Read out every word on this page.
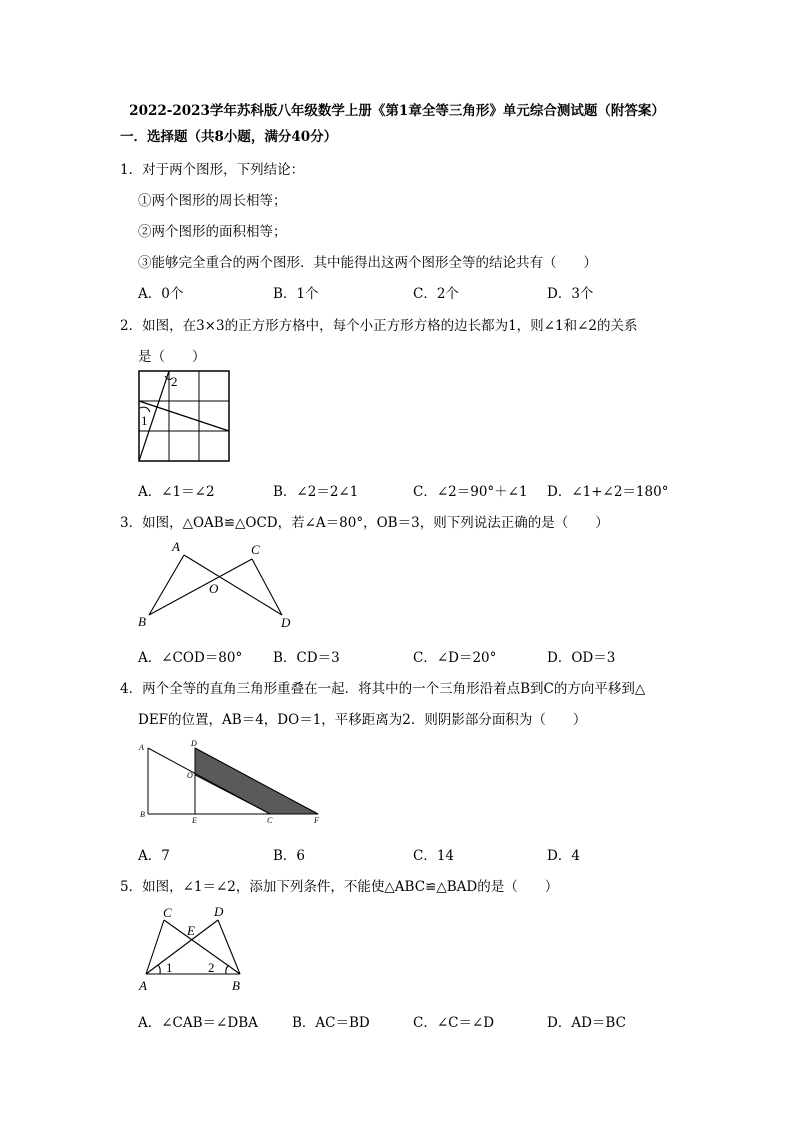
2022-2023学年苏科版八年级数学上册《第1章全等三角形》单元综合测试题（附答案）
一．选择题（共8小题，满分40分）
1．对于两个图形，下列结论：
①两个图形的周长相等；
②两个图形的面积相等；
③能够完全重合的两个图形．其中能得出这两个图形全等的结论共有（　　）
A．0个	B．1个	C．2个	D．3个
2．如图，在3×3的正方形方格中，每个小正方形方格的边长都为1，则∠1和∠2的关系
是（　　）
1
2
A．∠1＝∠2	B．∠2＝2∠1	C．∠2＝90°＋∠1 D．∠1+∠2＝180°
3．如图，△OAB≌△OCD，若∠A＝80°，OB＝3，则下列说法正确的是（　　）
A	C
O
B	D
A．∠COD＝80° B．CD＝3	C．∠D＝20°	D．OD＝3
4．两个全等的直角三角形重叠在一起．将其中的一个三角形沿着点B到C的方向平移到△
DEF的位置，AB＝4，DO＝1，平移距离为2．则阴影部分面积为（　　）
A	D
O
B
E	C	F
A．7	B．6	C．14	D．4
5．如图，∠1＝∠2，添加下列条件，不能使△ABC≌△BAD的是（　　）
C	D
E
A	B
1	2
A．∠CAB＝∠DBA	B．AC＝BD	C．∠C＝∠D	D．AD＝BC
